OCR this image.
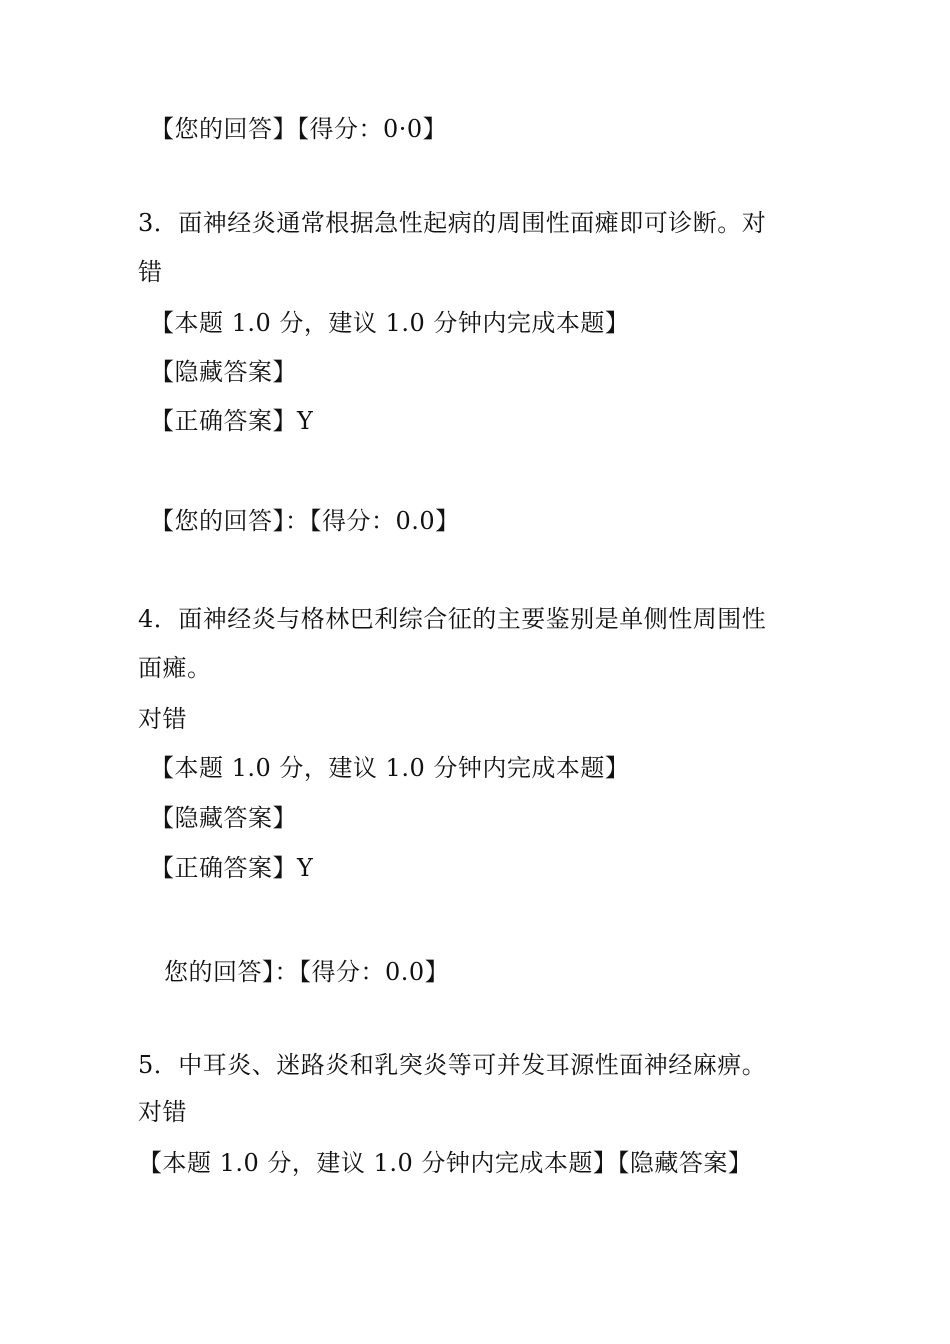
【您的回答】【得分：0·0】
3．面神经炎通常根据急性起病的周围性面瘫即可诊断。对
错
【本题 1.0 分，建议 1.0 分钟内完成本题】
【隐藏答案】
【正确答案】Y
【您的回答】：【得分：0.0】
4．面神经炎与格林巴利综合征的主要鉴别是单侧性周围性
面瘫。
对错
【本题 1.0 分，建议 1.0 分钟内完成本题】
【隐藏答案】
【正确答案】Y
您的回答】：【得分：0.0】
5．中耳炎、迷路炎和乳突炎等可并发耳源性面神经麻痹。
对错
【本题 1.0 分，建议 1.0 分钟内完成本题】【隐藏答案】
